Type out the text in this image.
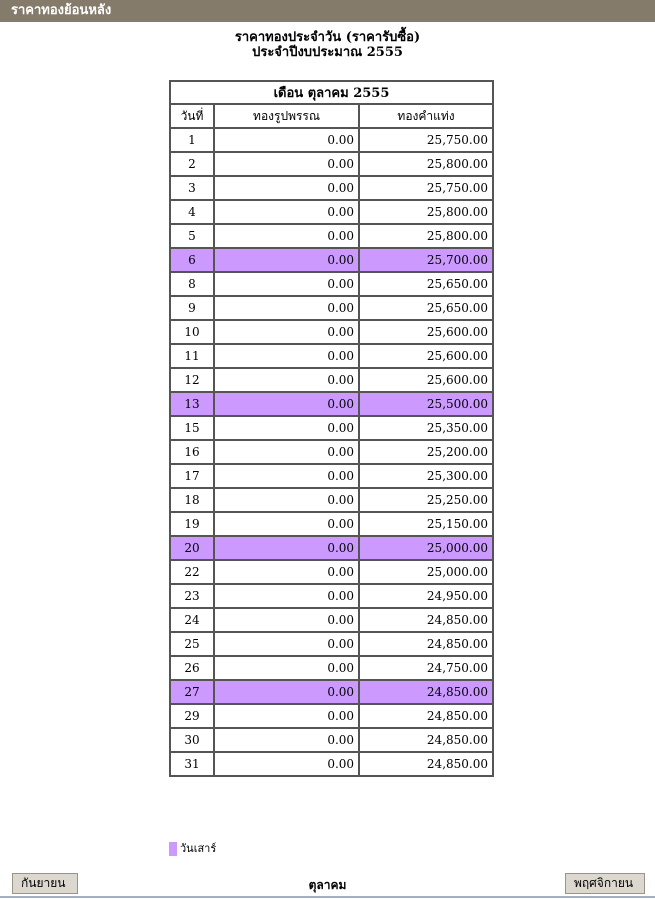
ราคาทองย้อนหลัง
ราคาทองประจำวัน (ราคารับซื้อ)
ประจำปีงบประมาณ 2555
เดือน ตุลาคม 2555		
วันที่	ทองรูปพรรณ	ทองคำแท่ง
1	0.00	25,750.00
2	0.00	25,800.00
3	0.00	25,750.00
4	0.00	25,800.00
5	0.00	25,800.00
6	0.00	25,700.00
8	0.00	25,650.00
9	0.00	25,650.00
10	0.00	25,600.00
11	0.00	25,600.00
12	0.00	25,600.00
13	0.00	25,500.00
15	0.00	25,350.00
16	0.00	25,200.00
17	0.00	25,300.00
18	0.00	25,250.00
19	0.00	25,150.00
20	0.00	25,000.00
22	0.00	25,000.00
23	0.00	24,950.00
24	0.00	24,850.00
25	0.00	24,850.00
26	0.00	24,750.00
27	0.00	24,850.00
29	0.00	24,850.00
30	0.00	24,850.00
31	0.00	24,850.00
วันเสาร์
กันยายน	ตุลาคม	พฤศจิกายน
